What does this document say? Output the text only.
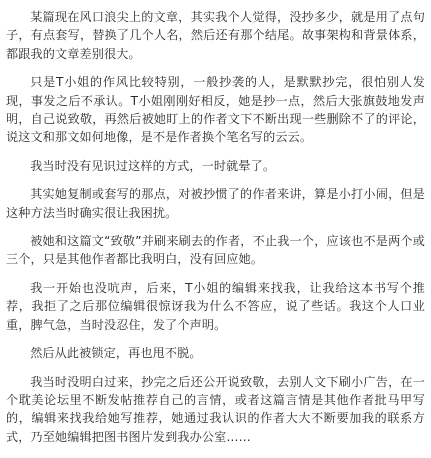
某篇现在风口浪尖上的文章，其实我个人觉得，没抄多少，就是用了点句子，有点套写，替换了几个人名，然后还有那个结尾。故事架构和背景体系，都跟我的文章差别很大。

只是T小姐的作风比较特别，一般抄袭的人，是默默抄完，很怕别人发现，事发之后不承认。T小姐刚刚好相反，她是抄一点，然后大张旗鼓地发声明，自己说致敬，再然后被她盯上的作者文下不断出现一些删除不了的评论，说这文和那文如何地像，是不是作者换个笔名写的云云。

我当时没有见识过这样的方式，一时就晕了。

其实她复制或套写的那点，对被抄惯了的作者来讲，算是小打小闹，但是这种方法当时确实很让我困扰。

被她和这篇文“致敬”并刷来刷去的作者，不止我一个，应该也不是两个或三个，只是其他作者都比我明白，没有回应她。

我一开始也没吭声，后来，T小姐的编辑来找我，让我给这本书写个推荐，我拒了之后那位编辑很惊讶我为什么不答应，说了些话。我这个人口业重，脾气急，当时没忍住，发了个声明。

然后从此被锁定，再也甩不脱。

我当时没明白过来，抄完之后还公开说致敬，去别人文下刷小广告，在一个耽美论坛里不断发帖推荐自己的言情，或者这篇言情是其他作者批马甲写的，编辑来找我给她写推荐，她通过我认识的作者大大不断要加我的联系方式，乃至她编辑把图书图片发到我办公室……
